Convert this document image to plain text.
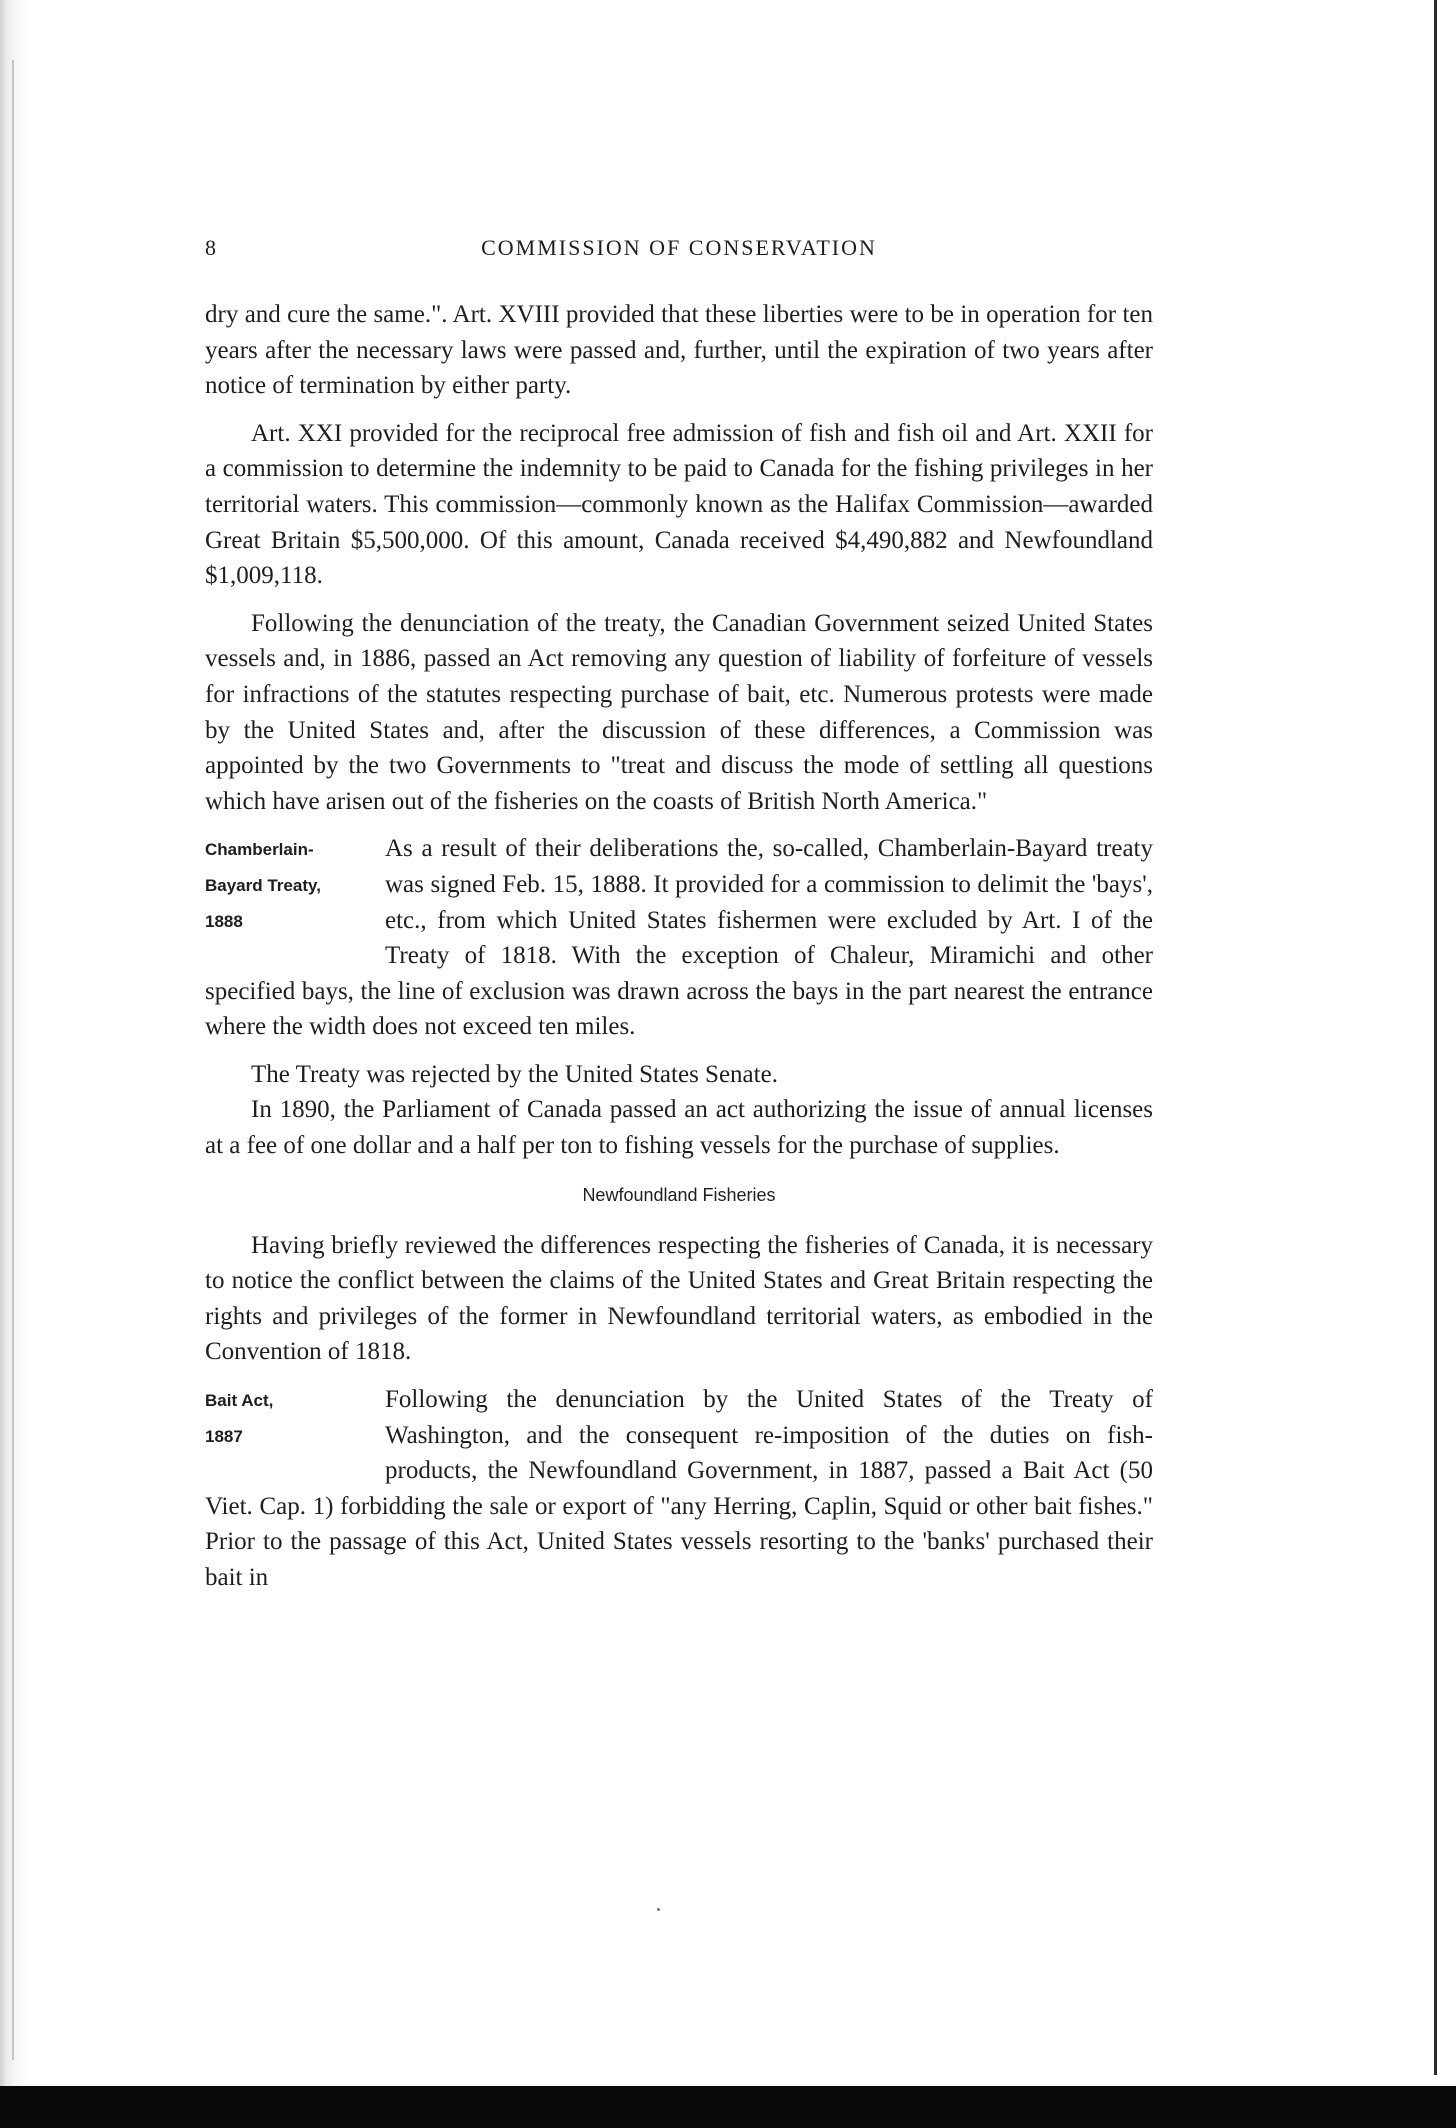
8	COMMISSION OF CONSERVATION

dry and cure the same.". Art. XVIII provided that these liberties were to be in operation for ten years after the necessary laws were passed and, further, until the expiration of two years after notice of termination by either party.

Art. XXI provided for the reciprocal free admission of fish and fish oil and Art. XXII for a commission to determine the indemnity to be paid to Canada for the fishing privileges in her territorial waters. This commission—commonly known as the Halifax Commission—awarded Great Britain $5,500,000. Of this amount, Canada received $4,490,882 and Newfoundland $1,009,118.

Following the denunciation of the treaty, the Canadian Government seized United States vessels and, in 1886, passed an Act removing any question of liability of forfeiture of vessels for infractions of the statutes respecting purchase of bait, etc. Numerous protests were made by the United States and, after the discussion of these differences, a Commission was appointed by the two Governments to "treat and discuss the mode of settling all questions which have arisen out of the fisheries on the coasts of British North America."

Chamberlain-
Bayard Treaty,
1888

As a result of their deliberations the, so-called, Chamberlain-Bayard treaty was signed Feb. 15, 1888. It provided for a commission to delimit the 'bays', etc., from which United States fishermen were excluded by Art. I of the Treaty of 1818. With the exception of Chaleur, Miramichi and other specified bays, the line of exclusion was drawn across the bays in the part nearest the entrance where the width does not exceed ten miles.

The Treaty was rejected by the United States Senate.

In 1890, the Parliament of Canada passed an act authorizing the issue of annual licenses at a fee of one dollar and a half per ton to fishing vessels for the purchase of supplies.

Newfoundland Fisheries

Having briefly reviewed the differences respecting the fisheries of Canada, it is necessary to notice the conflict between the claims of the United States and Great Britain respecting the rights and privileges of the former in Newfoundland territorial waters, as embodied in the Convention of 1818.

Bait Act,
1887

Following the denunciation by the United States of the Treaty of Washington, and the consequent re-imposition of the duties on fish-products, the Newfoundland Government, in 1887, passed a Bait Act (50 Viet. Cap. 1) forbidding the sale or export of "any Herring, Caplin, Squid or other bait fishes." Prior to the passage of this Act, United States vessels resorting to the 'banks' purchased their bait in
